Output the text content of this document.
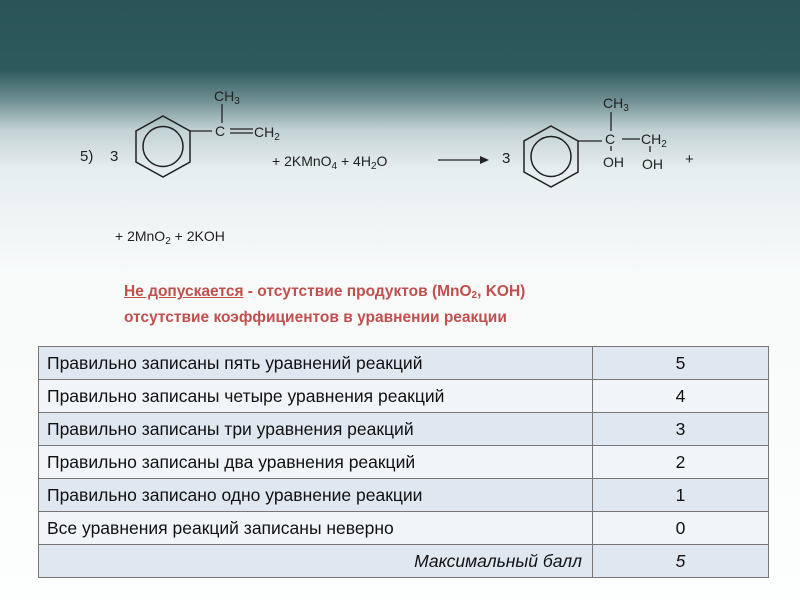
5) 3
$CH_3$
C $CH_2$
+ 2KMnO$_4$ + $4H_2O$	3
$CH_3$
C $CH_2$
OH OH +
+ 2MnO$_2$ + 2KOH
Не допускается - отсутствие продуктов (MnO$_2$, KOH)
отсутствие коэффициентов в уравнении реакции
Правильно записаны пять уравнений реакций	5
Правильно записаны четыре уравнения реакций	4
Правильно записаны три уравнения реакций	3
Правильно записаны два уравнения реакций	2
Правильно записано одно уравнение реакции	1
Все уравнения реакций записаны неверно	0
Максимальный балл	5
